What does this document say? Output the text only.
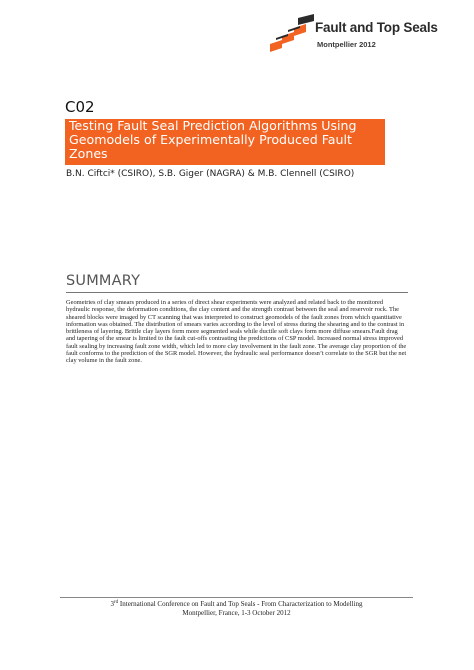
Fault and Top Seals
Montpellier 2012
C02
Testing Fault Seal Prediction Algorithms Using Geomodels of Experimentally Produced Fault Zones
B.N. Ciftci* (CSIRO), S.B. Giger (NAGRA) & M.B. Clennell (CSIRO)
SUMMARY
Geometries of clay smears produced in a series of direct shear experiments were analyzed and related back to the monitored hydraulic response, the deformation conditions, the clay content and the strength contrast between the seal and reservoir rock. The sheared blocks were imaged by CT scanning that was interpreted to construct geomodels of the fault zones from which quantitative information was obtained. The distribution of smears varies according to the level of stress during the shearing and to the contrast in brittleness of layering. Brittle clay layers form more segmented seals while ductile soft clays form more diffuse smears.Fault drag and tapering of the smear is limited to the fault cut-offs contrasting the predictions of CSP model. Increased normal stress improved fault sealing by increasing fault zone width, which led to more clay involvement in the fault zone. The average clay proportion of the fault conforms to the prediction of the SGR model. However, the hydraulic seal performance doesn’t correlate to the SGR but the net clay volume in the fault zone.
3rd International Conference on Fault and Top Seals - From Characterization to Modelling
Montpellier, France, 1-3 October 2012
